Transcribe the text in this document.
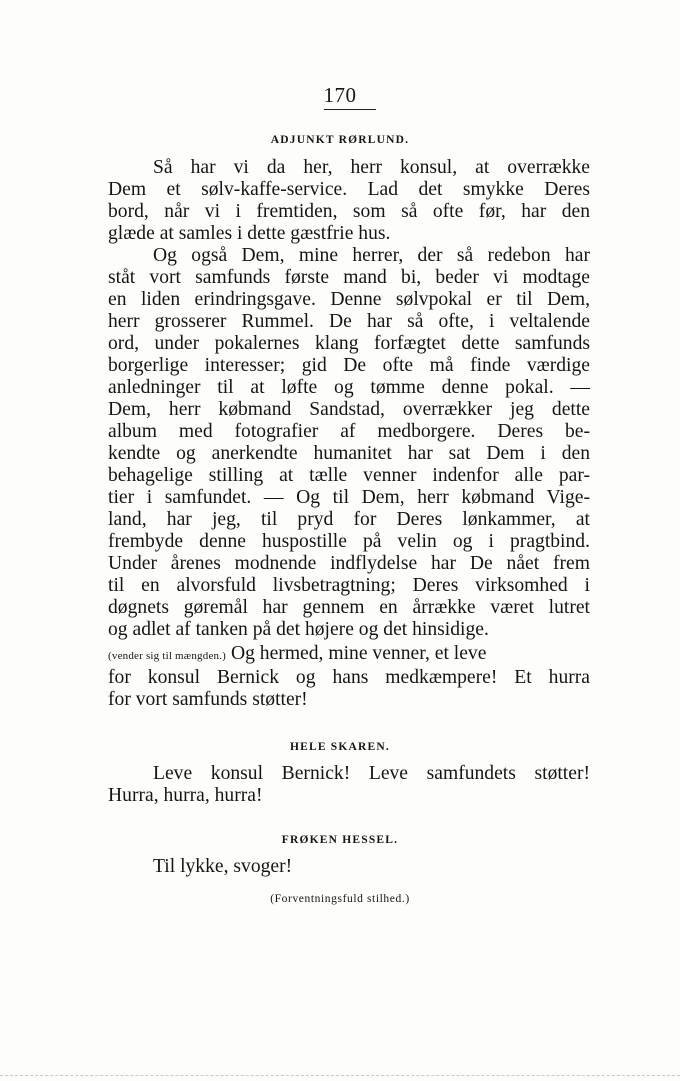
170
ADJUNKT RØRLUND.
Så har vi da her, herr konsul, at overrække
Dem et sølv-kaffe-service. Lad det smykke Deres
bord, når vi i fremtiden, som så ofte før, har den
glæde at samles i dette gæstfrie hus.
Og også Dem, mine herrer, der så redebon har
ståt vort samfunds første mand bi, beder vi modtage
en liden erindringsgave. Denne sølvpokal er til Dem,
herr grosserer Rummel. De har så ofte, i veltalende
ord, under pokalernes klang forfægtet dette samfunds
borgerlige interesser; gid De ofte må finde værdige
anledninger til at løfte og tømme denne pokal. —
Dem, herr købmand Sandstad, overrækker jeg dette
album med fotografier af medborgere. Deres be-
kendte og anerkendte humanitet har sat Dem i den
behagelige stilling at tælle venner indenfor alle par-
tier i samfundet. — Og til Dem, herr købmand Vige-
land, har jeg, til pryd for Deres lønkammer, at
frembyde denne huspostille på velin og i pragtbind.
Under årenes modnende indflydelse har De nået frem
til en alvorsfuld livsbetragtning; Deres virksomhed i
døgnets gøremål har gennem en årrække været lutret
og adlet af tanken på det højere og det hinsidige.
(vender sig til mængden.) Og hermed, mine venner, et leve
for konsul Bernick og hans medkæmpere! Et hurra
for vort samfunds støtter!
HELE SKAREN.
Leve konsul Bernick! Leve samfundets støtter!
Hurra, hurra, hurra!
FRØKEN HESSEL.
Til lykke, svoger!
(Forventningsfuld stilhed.)
